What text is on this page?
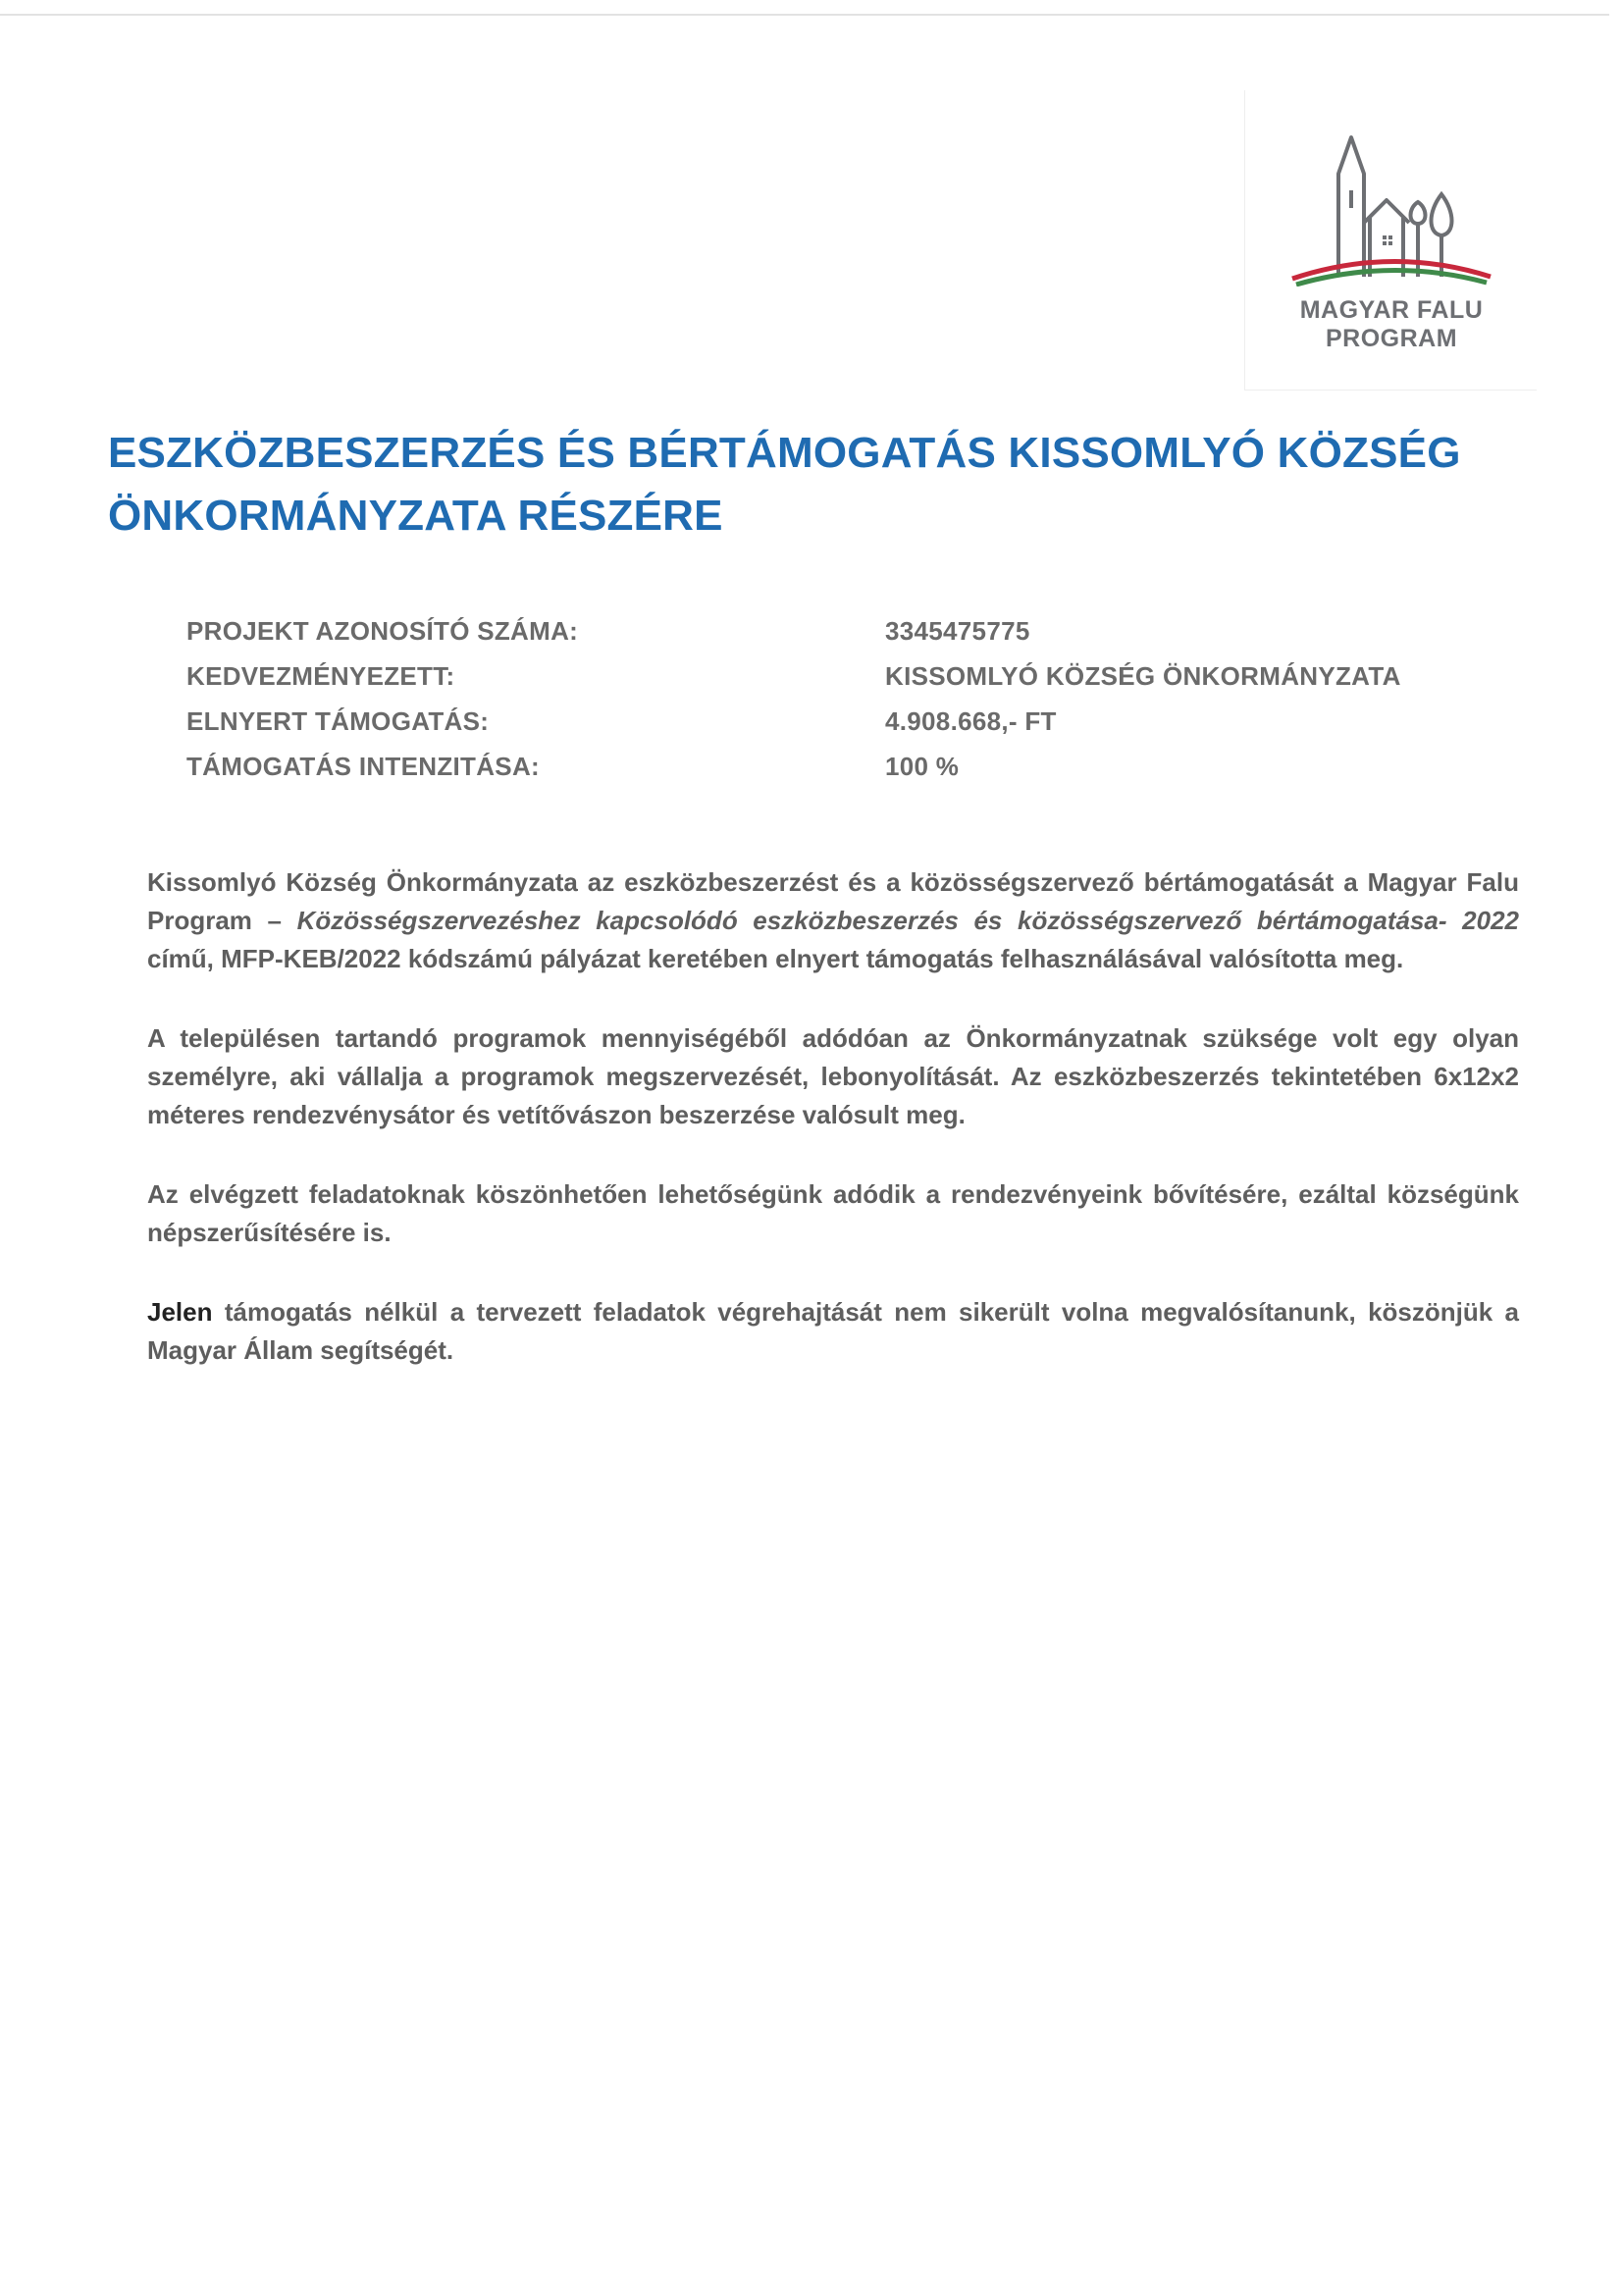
MAGYAR FALU
PROGRAM
ESZKÖZBESZERZÉS ÉS BÉRTÁMOGATÁS KISSOMLYÓ KÖZSÉG ÖNKORMÁNYZATA RÉSZÉRE
PROJEKT AZONOSÍTÓ SZÁMA:	3345475775
KEDVEZMÉNYEZETT:	KISSOMLYÓ KÖZSÉG ÖNKORMÁNYZATA
ELNYERT TÁMOGATÁS:	4.908.668,- FT
TÁMOGATÁS INTENZITÁSA:	100 %

Kissomlyó Község Önkormányzata az eszközbeszerzést és a közösségszervező bértámogatását a Magyar Falu Program – Közösségszervezéshez kapcsolódó eszközbeszerzés és közösségszervező bértámogatása- 2022 című, MFP-KEB/2022 kódszámú pályázat keretében elnyert támogatás felhasználásával valósította meg.

A településen tartandó programok mennyiségéből adódóan az Önkormányzatnak szüksége volt egy olyan személyre, aki vállalja a programok megszervezését, lebonyolítását. Az eszközbeszerzés tekintetében 6x12x2 méteres rendezvénysátor és vetítővászon beszerzése valósult meg.

Az elvégzett feladatoknak köszönhetően lehetőségünk adódik a rendezvényeink bővítésére, ezáltal községünk népszerűsítésére is.

Jelen támogatás nélkül a tervezett feladatok végrehajtását nem sikerült volna megvalósítanunk, köszönjük a Magyar Állam segítségét.
